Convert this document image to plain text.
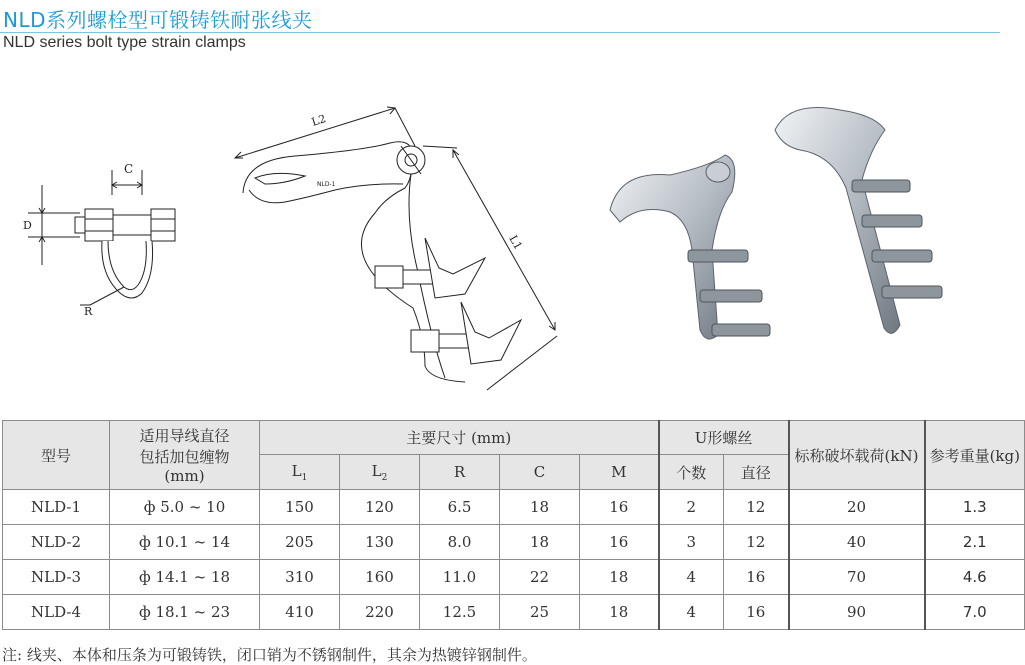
NLD系列螺栓型可锻铸铁耐张线夹
NLD series bolt type strain clamps
C
D
R
L2
L1
NLD-1
型号	适用导线直径
包括加包缠物
(mm)	主要尺寸 (mm)					U形螺丝		标称破坏载荷(kN)	参考重量(kg)
		$L_1$	$L_2$	R	C	M	个数	直径		
NLD-1	ф 5.0 ~ 10	150	120	6.5	18	16	2	12	20	1.3
NLD-2	ф 10.1 ~ 14	205	130	8.0	18	16	3	12	40	2.1
NLD-3	ф 14.1 ~ 18	310	160	11.0	22	18	4	16	70	4.6
NLD-4	ф 18.1 ~ 23	410	220	12.5	25	18	4	16	90	7.0
注: 线夹、本体和压条为可锻铸铁，闭口销为不锈钢制件，其余为热镀锌钢制件。
